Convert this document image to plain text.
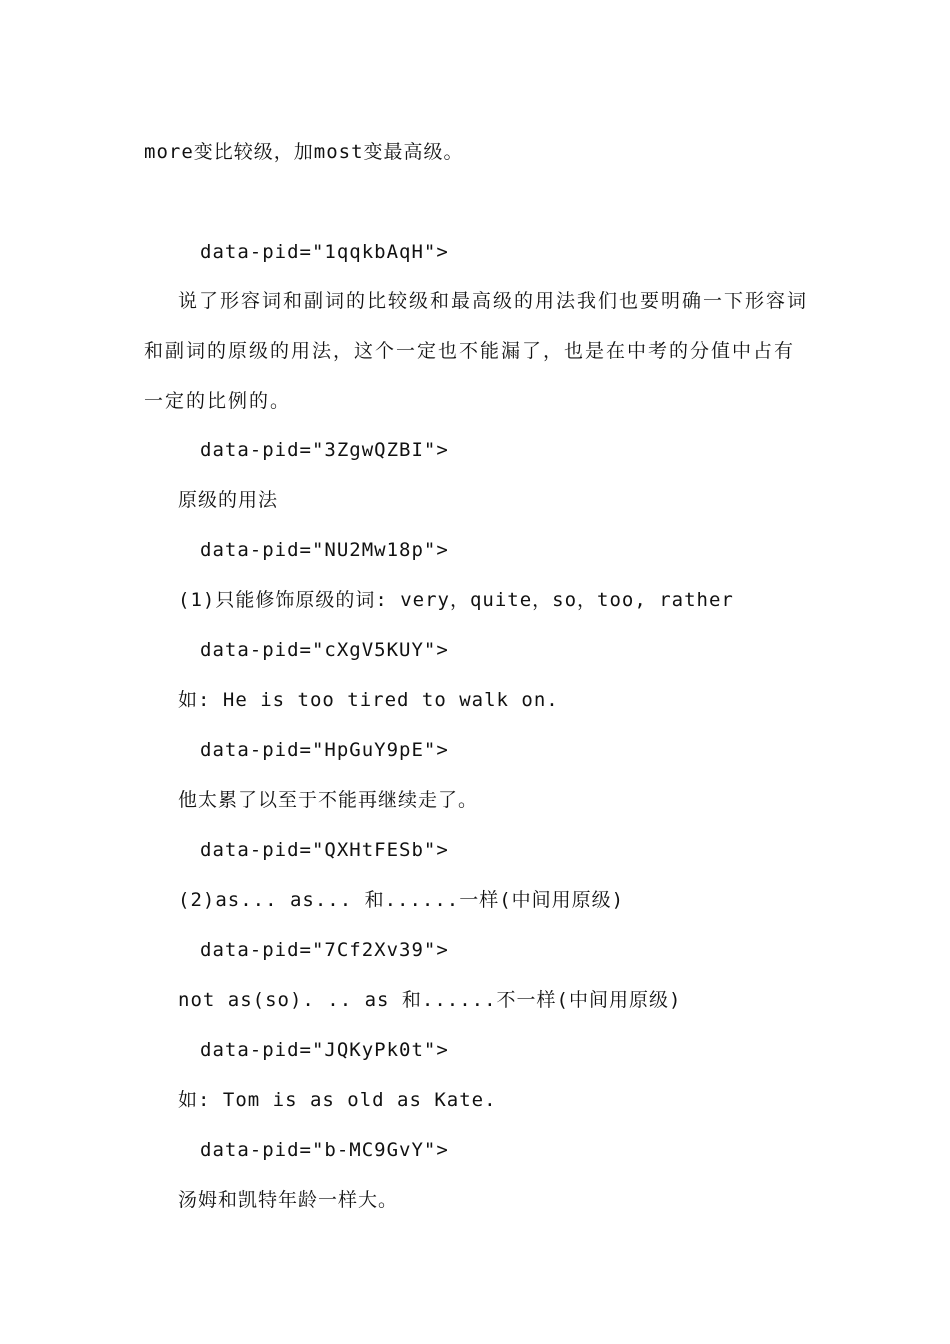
more变比较级，加most变最高级。
data-pid="1qqkbAqH">
说了形容词和副词的比较级和最高级的用法我们也要明确一下形容词和副词的原级的用法，这个一定也不能漏了，也是在中考的分值中占有一定的比例的。
data-pid="3ZgwQZBI">
原级的用法
data-pid="NU2Mw18p">
(1)只能修饰原级的词: very，quite，so，too, rather
data-pid="cXgV5KUY">
如: He is too tired to walk on.
data-pid="HpGuY9pE">
他太累了以至于不能再继续走了。
data-pid="QXHtFESb">
(2)as... as... 和......一样(中间用原级)
data-pid="7Cf2Xv39">
not as(so). .. as 和......不一样(中间用原级)
data-pid="JQKyPk0t">
如: Tom is as old as Kate.
data-pid="b-MC9GvY">
汤姆和凯特年龄一样大。
